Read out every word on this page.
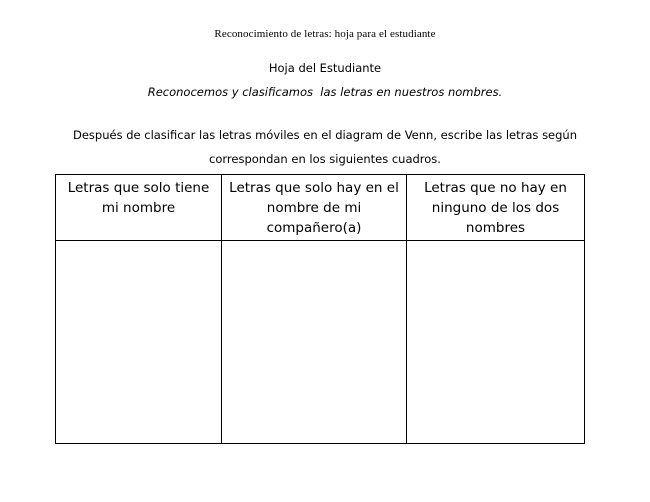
Reconocimiento de letras: hoja para el estudiante
Hoja del Estudiante
Reconocemos y clasificamos  las letras en nuestros nombres.
Después de clasificar las letras móviles en el diagram de Venn, escribe las letras según
correspondan en los siguientes cuadros.
Letras que solo tiene mi nombre	Letras que solo hay en el nombre de mi compañero(a)	Letras que no hay en ninguno de los dos nombres
